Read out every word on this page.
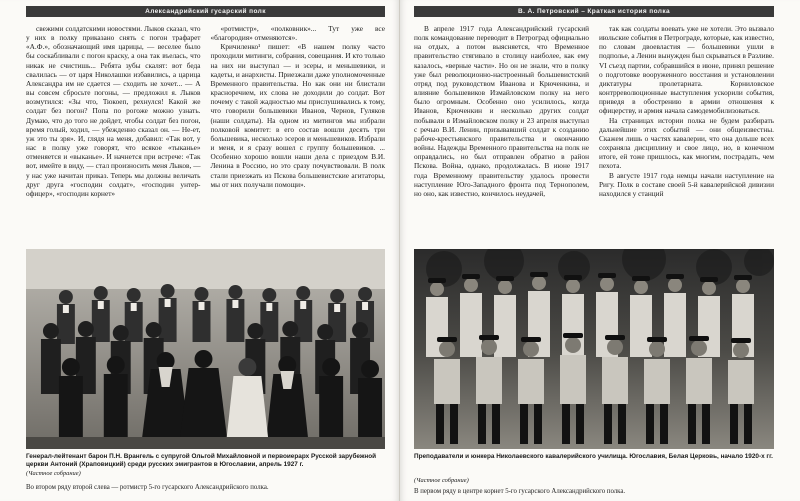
Александрийский гусарский полк

свежими солдатскими новостями. Лыков сказал, что у них в полку приказано снять с погон трафарет «А.Ф.», обозначающий имя царицы, — веселее было бы соскабливали с погон краску, а она так въелась, что никак не счистишь... Ребята зубы скалят: вот беда свалилась — от царя Николашки избавились, а царица Александра им не сдается — сходить не хочет... — А вы совсем сбросьте погоны, — предложил я. Лыков возмутился: «Зы что, Тюкоеп, рехнулся! Какой же солдат без погон? Попа по рогоже можно узнать. Думаю, что до того не дойдет, чтобы солдат без погон, время голый, ходил, — убежденно сказал он. — Не-ет, уж это ты зря». И, глядя на меня, добавил: «Так вот, у нас в полку уже говорят, что всякое «тыканье» отменяется и «выканье». И начнется при встрече: «Так вот, имейте в виду, — стал произносить меня Лыков, — у нас уже начитан приказ. Теперь мы должны величать друг друга «господин солдат», «господин унтер-офицер», «господин корнет»

«ротмистр», «полковник»... Тут уже все «благородия» отменяются».

Кричиленко¹ пишет: «В нашем полку часто проходили митинги, собрания, совещания. И кто только на них ни выступал — и эсеры, и меньшевики, и кадеты, и анархисты. Приезжали даже уполномоченные Временного правительства. Но как они ни блистали красноречием, их слова не доходили до солдат. Вот почему с такой жадностью мы прислушивались к тому, что говорили большевики Иванов, Чернов, Гуляков (наши солдаты). На одном из митингов мы избрали полковой комитет: в его состав вошли десять три большевика, несколько эсеров и меньшевиков. Избрали и меня, и я сразу вошел с группу большевиков. ... Особенно хорошо вошли наши дела с приездом В.И. Ленина в Россию, но это сразу почувствовали. В полк стали приезжать из Пскова большевистские агитаторы, мы от них получали помощи».

Генерал-лейтенант барон П.Н. Врангель с супругой Ольгой Михайловной и первоиерарх Русской зарубежной церкви Антоний (Храповицкий) среди русских эмигрантов в Югославии, апрель 1927 г.
(Частное собрание)
Во втором ряду второй слева — ротмистр 5-го гусарского Александрийского полка.
В. А. Петровский – Краткая история полка

В апреле 1917 года Александрийский гусарский полк командование переводит в Петроград официально на отдых, а потом выясняется, что Временное правительство стягивало в столицу наиболее, как ему казалось, «верные части». Но он не знали, что в полку уже был революционно-настроенный большевистский отряд под руководством Иванова и Крюченкина, и влияние большевиков Измайловском полку на него было огромным. Особенно оно усилилось, когда Иванов, Крюченкин и несколько других солдат побывали в Измайловском полку и 23 апреля выступал с речью В.И. Ленин, призывавший солдат к созданию рабоче-крестьянского правительства и окончанию войны. Надежды Временного правительства на полк не оправдались, но был отправлен обратно в район Пскова. Война, однако, продолжалась. В июне 1917 года Временному правительству удалось провести наступление Юго-Западного фронта под Тернополем, но оно, как известно, кончилось неудачей,

так как солдаты воевать уже не хотели. Это вызвало июльские события в Петрограде, которые, как известно, по словам двоевластия — большевики ушли в подполье, а Ленин вынужден был скрываться в Разливе. VI съезд партии, собравшийся в июне, принял решение о подготовке вооруженного восстания и установлении диктатуры пролетариата. Корниловское контрреволюционные выступления ускорили события, приведя в обострению в армии отношения к офицерству, и армия начала самодемобилизоваться.

На страницах истории полка не будем разбирать дальнейшие этих событий — они общеизвестны. Скажем лишь о частях кавалерии, что она дольше всех сохраняла дисциплину и свое лицо, но, в конечном итоге, ей тоже пришлось, как многим, пострадать, чем пехота.

В августе 1917 года немцы начали наступление на Ригу. Полк в составе своей 5-й кавалерийской дивизии находился у станций

Преподаватели и юнкера Николаевского кавалерийского училища. Югославия, Белая Церковь, начало 1920-х гг.
(Частное собрание)
В первом ряду в центре корнет 5-го гусарского Александрийского полка.
